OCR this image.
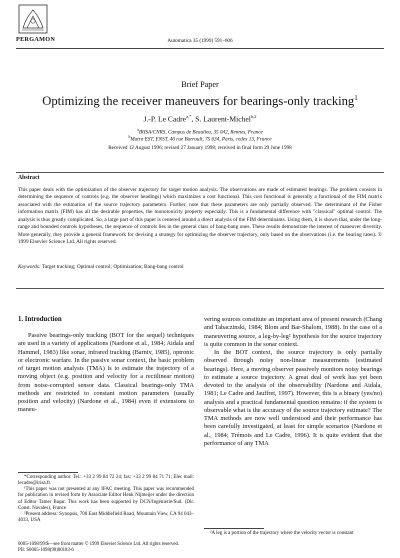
PERGAMON	Automatica 35 (1999) 591–606
Brief Paper
Optimizing the receiver maneuvers for bearings-only tracking$^1$
J.-P. Le Cadre$^{a,*}$, S. Laurent-Michel$^{b,2}$
$^a$IRISA/CNRS, Campus de Beaulieu, 35 042, Rennes, France
$^b$Matra EST, ENST, 46 rue Barrault, 75 634, Paris, cedex 13, France
Received 12 August 1996; revised 27 January 1998; received in final form 29 June 1998
Abstract
This paper deals with the optimization of the observer trajectory for target motion analysis. The observations are made of estimated bearings. The problem consists in determining the sequence of controls (e.g. the observer headings) which maximizes a cost functional. This cost functional is generally a functional of the FIM matrix associated with the estimation of the source trajectory parameters. Further, note that these parameters are only partially observed. The determinant of the Fisher information matrix (FIM) has all the desirable properties, the monotonicity property especially. This is a fundamental difference with "classical" optimal control. The analysis is thus greatly complicated. So, a large part of this paper is centered around a direct analysis of the FIM determinants. Using them, it is shown that, under the long-range and bounded controls hypotheses, the sequence of controls lies in the general class of bang-bang ones. These results demonstrate the interest of maneuver diversity. More generally, they provide a general framework for devising a strategy for optimizing the observer trajectory, only based on the observations (i.e. the bearing rates). © 1999 Elsevier Science Ltd. All rights reserved.
Keywords: Target tracking; Optimal control; Optimization; Bang-bang control
1. Introduction
Passive bearings-only tracking (BOT for the sequel) techniques are used in a variety of applications (Nardone et al., 1984; Aidala and Hammel, 1983) like sonar, infrared tracking (Barniv, 1985), optronic or electronic warfare. In the passive sonar context, the basic problem of target motion analysis (TMA) is to estimate the trajectory of a moving object (e.g. position and velocity for a rectilinear motion) from noise-corrupted sensor data. Classical bearings-only TMA methods are restricted to constant motion parameters (usually position and velocity) (Nardone et al., 1984) even if extensions to maneu-

vering sources constitute an important area of present research (Chang and Tabaczinski, 1984; Blom and Bar-Shalom, 1988). In the case of a maneuvering source, a leg-by-leg² hypothesis for the source trajectory is quite common in the sonar context.

In the BOT context, the source trajectory is only partially observed through noisy non-linear measurements (estimated bearings). Here, a moving observer passively monitors noisy bearings to estimate a source trajectory. A great deal of work has yet been devoted to the analysis of the observability (Nardone and Aidala, 1981; Le Cadre and Jauffret, 1997). However, this is a binary (yes/no) analysis and a practical fundamental question remains: if the system is observable what is the accuracy of the source trajectory estimate? The TMA methods are now well understood and their performance has been carefully investigated, at least for simple scenarios (Nardone et al., 1984; Trémois and Le Cadre, 1996). It is quite evident that the performance of any TMA

*Corresponding author. Tel.: +33 2 99 84 72 24; fax: +33 2 99 84 71 71; Elec mail: lecadre@irisa.fr.

¹This paper was not presented at any IFAC meeting. This paper was recommended for publication in revised form by Associate Editor Henk Nijmeijer under the direction of Editor Tamer Başar. This work has been supported by DCN/Ingénierie/Sud. (Dir. Const. Navales), France

²Present address: Synopsis, 700 East Middlefield Road, Mountain View, CA 94 043–4033, USA

²A leg is a portion of the trajectory where the velocity vector is constant
0005-1098/99/$—see front matter © 1999 Elsevier Science Ltd. All rights reserved.
PII: S0005-1098(98)00183-6
